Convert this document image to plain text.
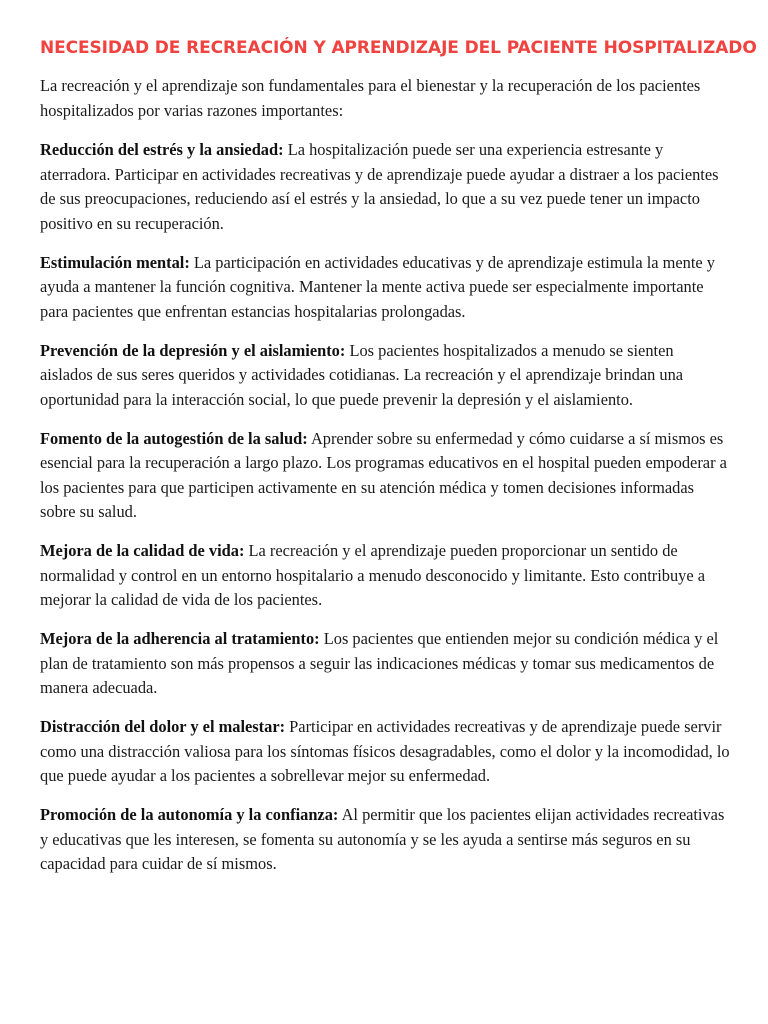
NECESIDAD DE RECREACIÓN Y APRENDIZAJE DEL PACIENTE HOSPITALIZADO

La recreación y el aprendizaje son fundamentales para el bienestar y la recuperación de los pacientes hospitalizados por varias razones importantes:

Reducción del estrés y la ansiedad: La hospitalización puede ser una experiencia estresante y aterradora. Participar en actividades recreativas y de aprendizaje puede ayudar a distraer a los pacientes de sus preocupaciones, reduciendo así el estrés y la ansiedad, lo que a su vez puede tener un impacto positivo en su recuperación.

Estimulación mental: La participación en actividades educativas y de aprendizaje estimula la mente y ayuda a mantener la función cognitiva. Mantener la mente activa puede ser especialmente importante para pacientes que enfrentan estancias hospitalarias prolongadas.

Prevención de la depresión y el aislamiento: Los pacientes hospitalizados a menudo se sienten aislados de sus seres queridos y actividades cotidianas. La recreación y el aprendizaje brindan una oportunidad para la interacción social, lo que puede prevenir la depresión y el aislamiento.

Fomento de la autogestión de la salud: Aprender sobre su enfermedad y cómo cuidarse a sí mismos es esencial para la recuperación a largo plazo. Los programas educativos en el hospital pueden empoderar a los pacientes para que participen activamente en su atención médica y tomen decisiones informadas sobre su salud.

Mejora de la calidad de vida: La recreación y el aprendizaje pueden proporcionar un sentido de normalidad y control en un entorno hospitalario a menudo desconocido y limitante. Esto contribuye a mejorar la calidad de vida de los pacientes.

Mejora de la adherencia al tratamiento: Los pacientes que entienden mejor su condición médica y el plan de tratamiento son más propensos a seguir las indicaciones médicas y tomar sus medicamentos de manera adecuada.

Distracción del dolor y el malestar: Participar en actividades recreativas y de aprendizaje puede servir como una distracción valiosa para los síntomas físicos desagradables, como el dolor y la incomodidad, lo que puede ayudar a los pacientes a sobrellevar mejor su enfermedad.

Promoción de la autonomía y la confianza: Al permitir que los pacientes elijan actividades recreativas y educativas que les interesen, se fomenta su autonomía y se les ayuda a sentirse más seguros en su capacidad para cuidar de sí mismos.
